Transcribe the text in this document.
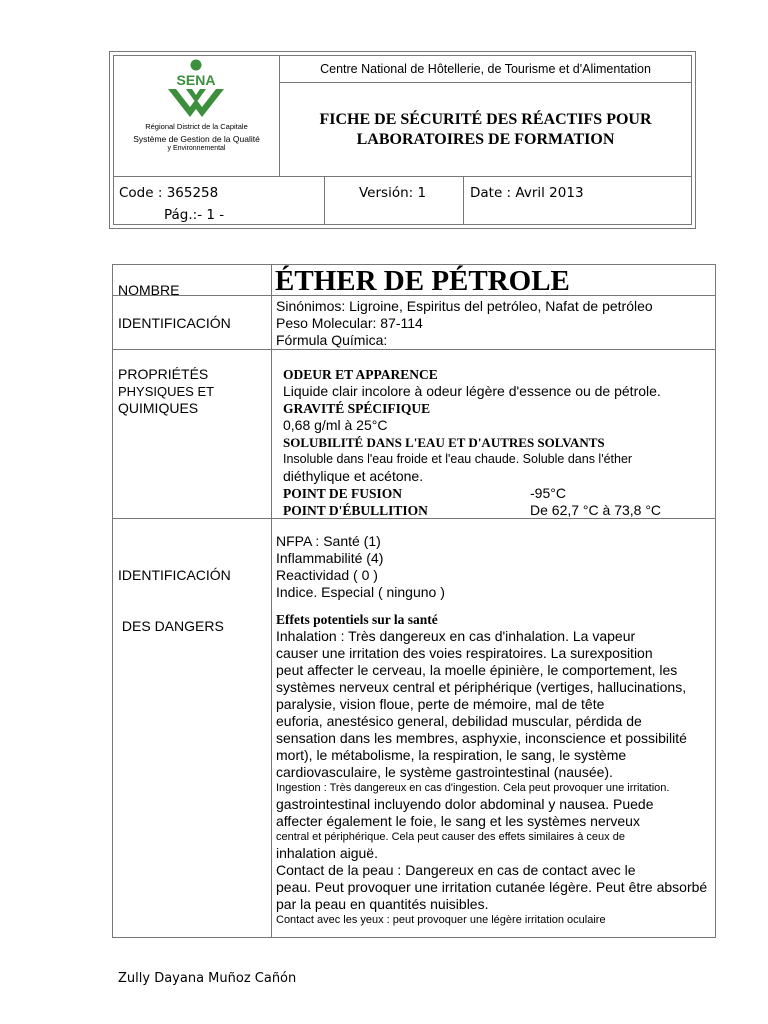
SENA
Régional District de la Capitale
Système de Gestion de la Qualité
y Environnemental
Centre National de Hôtellerie, de Tourisme et d'Alimentation
FICHE DE SÉCURITÉ DES RÉACTIFS POUR
LABORATOIRES DE FORMATION
Code : 365258
Pág.:- 1 -
Versión: 1	Date : Avril 2013
NOMBRE	ÉTHER DE PÉTROLE
IDENTIFICACIÓN
Sinónimos: Ligroine, Espiritus del petróleo, Nafat de petróleo
Peso Molecular: 87-114
Fórmula Química:
PROPRIÉTÉS
PHYSIQUES ET
QUIMIQUES
ODEUR ET APPARENCE
Liquide clair incolore à odeur légère d'essence ou de pétrole.
GRAVITÉ SPÉCIFIQUE
0,68 g/ml à 25°C
SOLUBILITÉ DANS L'EAU ET D'AUTRES SOLVANTS
Insoluble dans l'eau froide et l'eau chaude. Soluble dans l'éther
diéthylique et acétone.
POINT DE FUSION	-95°C
POINT D'ÉBULLITION	De 62,7 °C à 73,8 °C

IDENTIFICACIÓN

DES DANGERS

NFPA : Santé (1)
Inflammabilité (4)
Reactividad ( 0 )
Indice. Especial ( ninguno )
Effets potentiels sur la santé
Inhalation : Très dangereux en cas d'inhalation. La vapeur
causer une irritation des voies respiratoires. La surexposition
peut affecter le cerveau, la moelle épinière, le comportement, les
systèmes nerveux central et périphérique (vertiges, hallucinations,
paralysie, vision floue, perte de mémoire, mal de tête
euforia, anestésico general, debilidad muscular, pérdida de
sensation dans les membres, asphyxie, inconscience et possibilité
mort), le métabolisme, la respiration, le sang, le système
cardiovasculaire, le système gastrointestinal (nausée).
Ingestion : Très dangereux en cas d'ingestion. Cela peut provoquer une irritation.
gastrointestinal incluyendo dolor abdominal y nausea. Puede
affecter également le foie, le sang et les systèmes nerveux
central et périphérique. Cela peut causer des effets similaires à ceux de
inhalation aiguë.
Contact de la peau : Dangereux en cas de contact avec le
peau. Peut provoquer une irritation cutanée légère. Peut être absorbé
par la peau en quantités nuisibles.
Contact avec les yeux : peut provoquer une légère irritation oculaire
Zully Dayana Muñoz Cañón
